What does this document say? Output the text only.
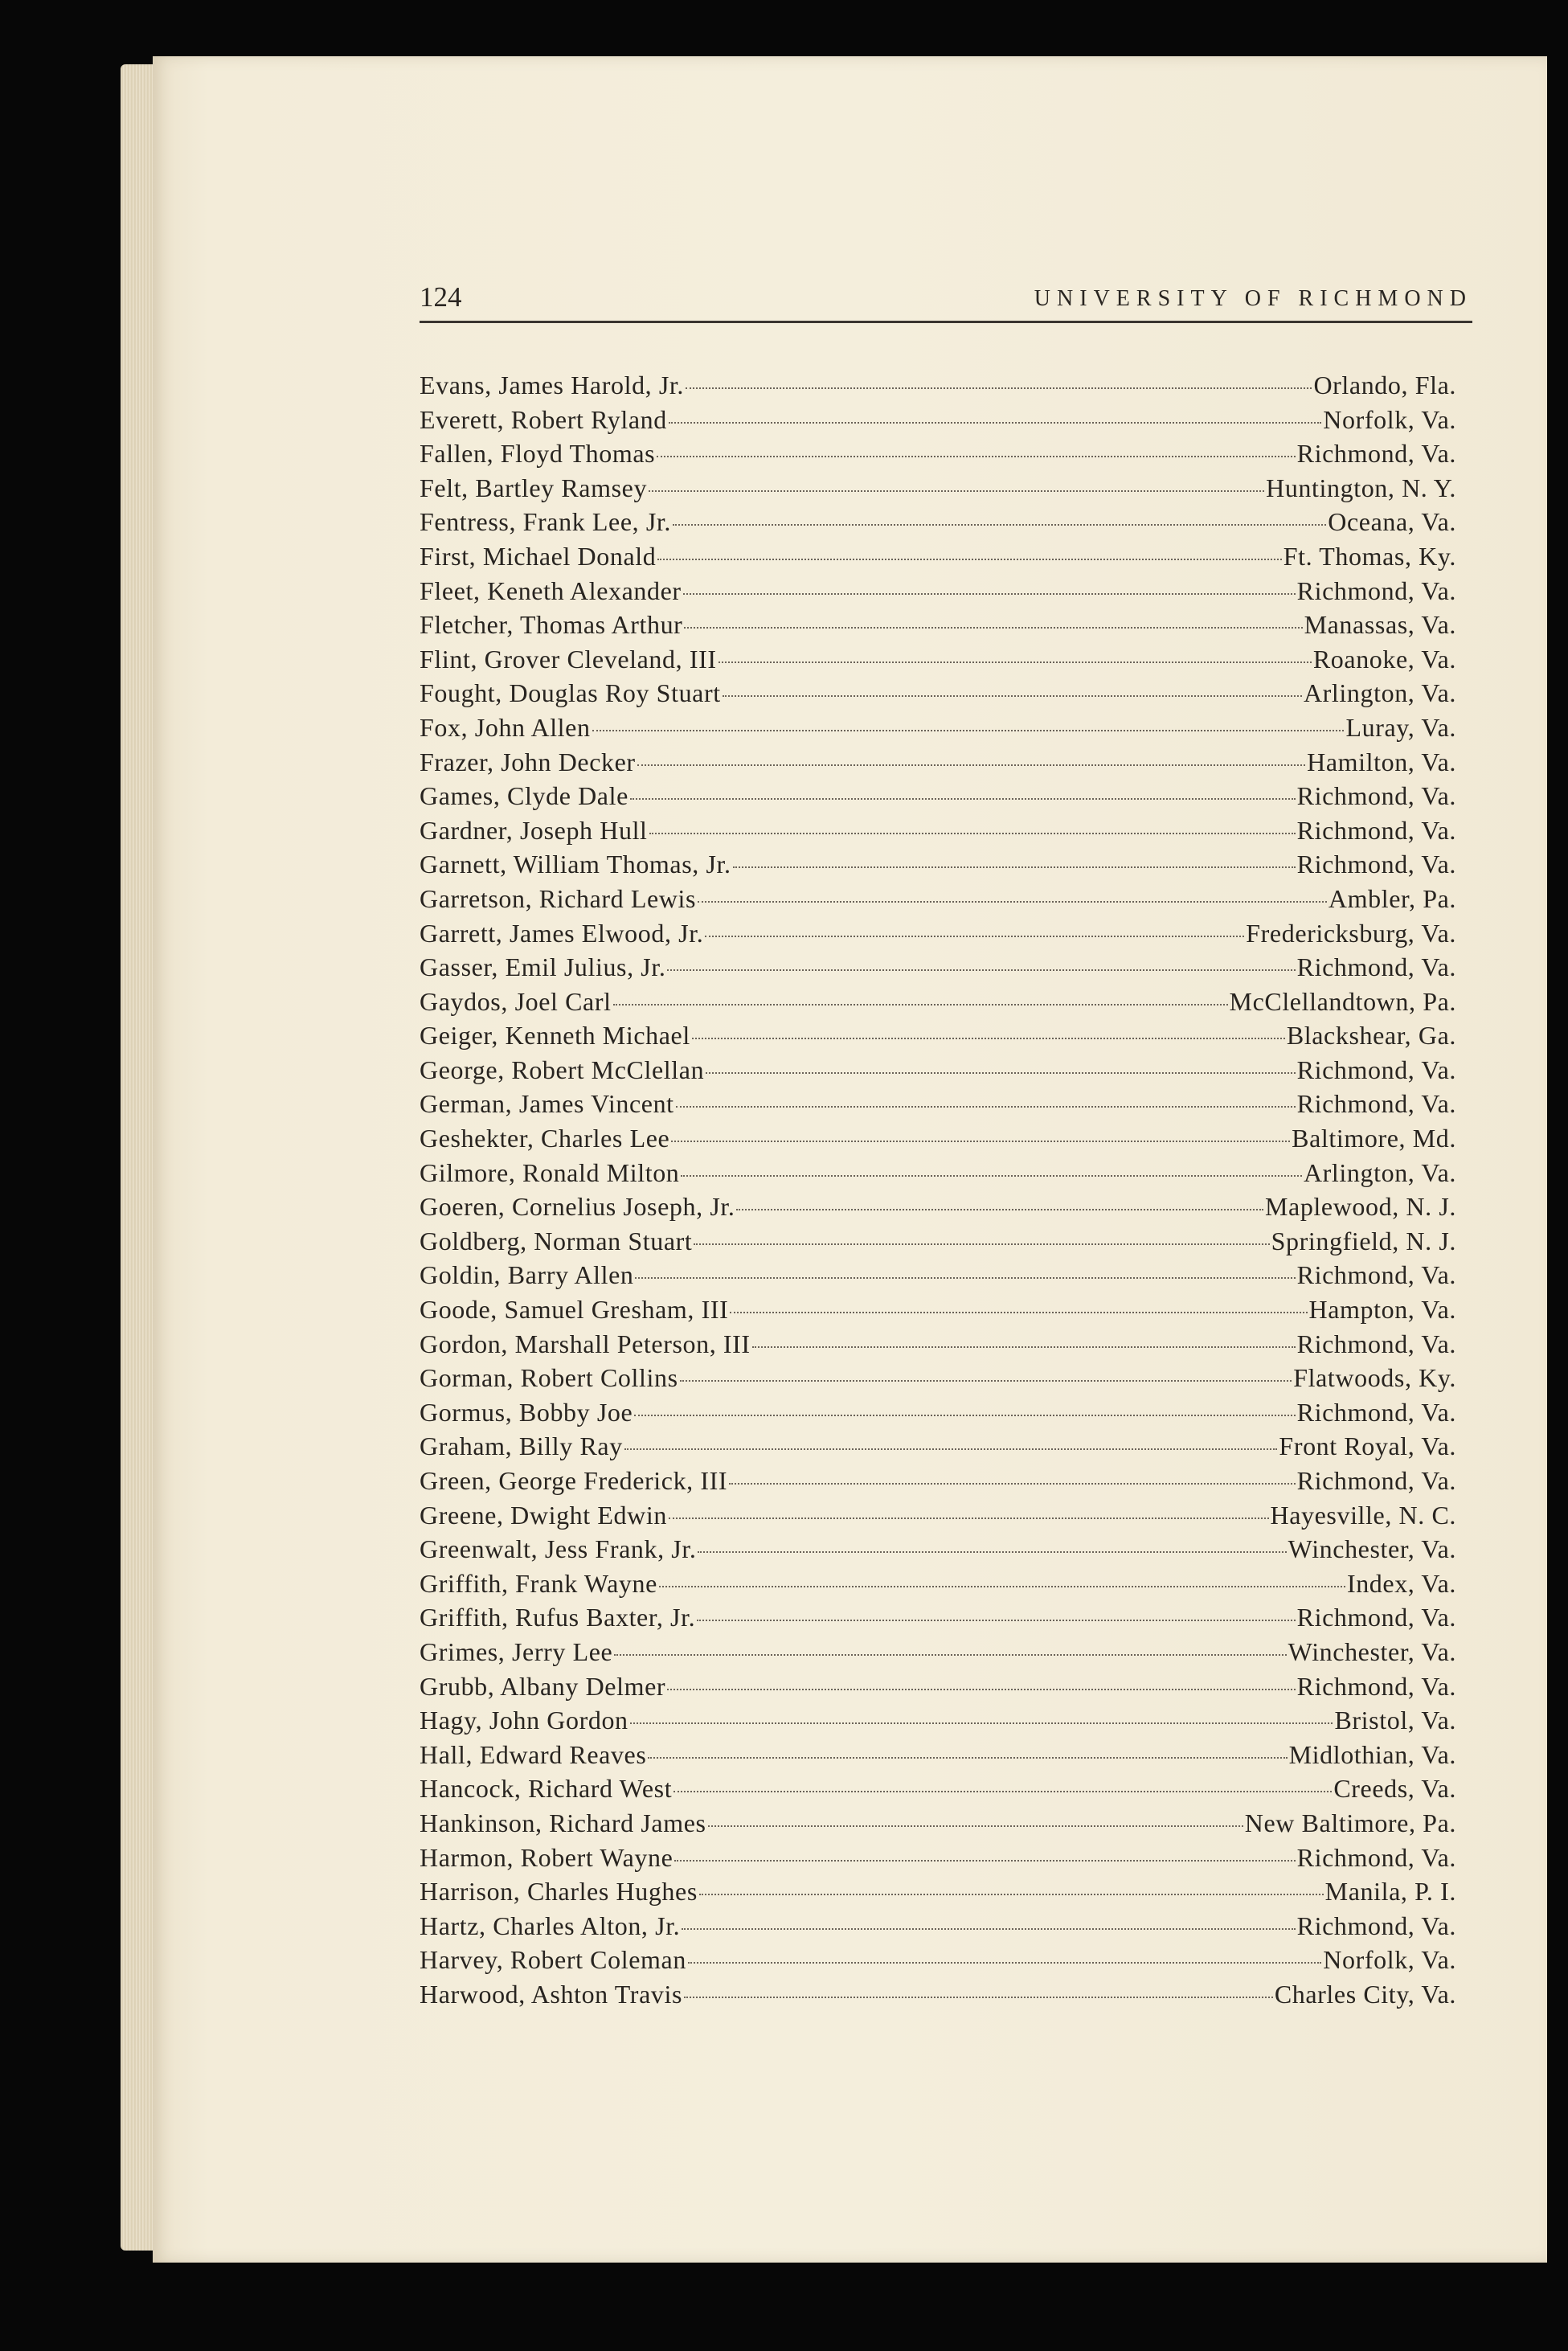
124	UNIVERSITY OF RICHMOND
Evans, James Harold, Jr.	Orlando, Fla.
Everett, Robert Ryland	Norfolk, Va.
Fallen, Floyd Thomas	Richmond, Va.
Felt, Bartley Ramsey	Huntington, N. Y.
Fentress, Frank Lee, Jr.	Oceana, Va.
First, Michael Donald	Ft. Thomas, Ky.
Fleet, Keneth Alexander	Richmond, Va.
Fletcher, Thomas Arthur	Manassas, Va.
Flint, Grover Cleveland, III	Roanoke, Va.
Fought, Douglas Roy Stuart	Arlington, Va.
Fox, John Allen	Luray, Va.
Frazer, John Decker	Hamilton, Va.
Games, Clyde Dale	Richmond, Va.
Gardner, Joseph Hull	Richmond, Va.
Garnett, William Thomas, Jr.	Richmond, Va.
Garretson, Richard Lewis	Ambler, Pa.
Garrett, James Elwood, Jr.	Fredericksburg, Va.
Gasser, Emil Julius, Jr.	Richmond, Va.
Gaydos, Joel Carl	McClellandtown, Pa.
Geiger, Kenneth Michael	Blackshear, Ga.
George, Robert McClellan	Richmond, Va.
German, James Vincent	Richmond, Va.
Geshekter, Charles Lee	Baltimore, Md.
Gilmore, Ronald Milton	Arlington, Va.
Goeren, Cornelius Joseph, Jr.	Maplewood, N. J.
Goldberg, Norman Stuart	Springfield, N. J.
Goldin, Barry Allen	Richmond, Va.
Goode, Samuel Gresham, III	Hampton, Va.
Gordon, Marshall Peterson, III	Richmond, Va.
Gorman, Robert Collins	Flatwoods, Ky.
Gormus, Bobby Joe	Richmond, Va.
Graham, Billy Ray	Front Royal, Va.
Green, George Frederick, III	Richmond, Va.
Greene, Dwight Edwin	Hayesville, N. C.
Greenwalt, Jess Frank, Jr.	Winchester, Va.
Griffith, Frank Wayne	Index, Va.
Griffith, Rufus Baxter, Jr.	Richmond, Va.
Grimes, Jerry Lee	Winchester, Va.
Grubb, Albany Delmer	Richmond, Va.
Hagy, John Gordon	Bristol, Va.
Hall, Edward Reaves	Midlothian, Va.
Hancock, Richard West	Creeds, Va.
Hankinson, Richard James	New Baltimore, Pa.
Harmon, Robert Wayne	Richmond, Va.
Harrison, Charles Hughes	Manila, P. I.
Hartz, Charles Alton, Jr.	Richmond, Va.
Harvey, Robert Coleman	Norfolk, Va.
Harwood, Ashton Travis	Charles City, Va.
